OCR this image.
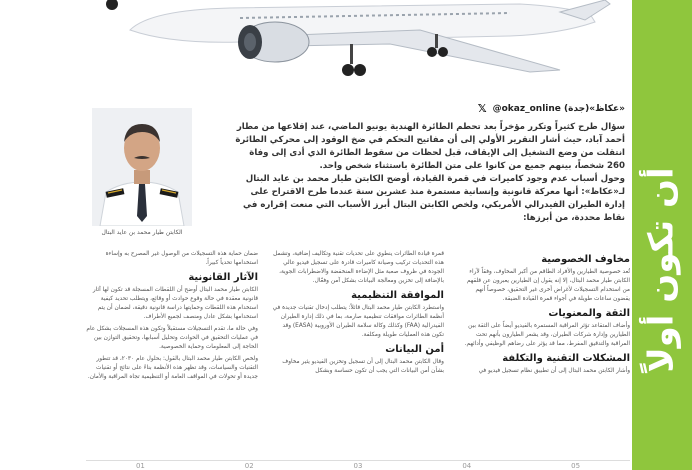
𝕏 @okaz_online (جدة)«عكاظ»

سؤال طرح كثيراً وتكرر مؤخراً بعد تحطم الطائرة الهندية يونيو الماضي، عند إقلاعها من مطار أحمد آباد، حيث أشار التقرير الأولي إلى أن مفاتيح التحكم في ضخ الوقود إلى محركي الطائرة انتقلت من وضع التشغيل إلى الإيقاف، قبل لحظات من سقوط الطائرة الذي أدى إلى وفاة 260 شخصاً، بينهم جميع من كانوا على متن الطائرة باستثناء شخص واحد.

وحول أسباب عدم وجود كاميرات في قمرة القيادة، أوضح الكابتن طيار محمد بن عايد البتال لـ«عكاظ»: أنها معركة قانونية وإنسانية مستمرة منذ عشرين سنة عندما طرح الاقتراح على إدارة الطيران الفيدرالي الأمريكي، ولخص الكابتن البتال أبرز الأسباب التي منعت إقراره في نقاط محددة، من أبرزها:

الكابتن طيار محمد بن عايد البتال
مخاوف الخصوصية

تُعد خصوصية الطيارين والأفراد الطاقم من أكبر المخاوف، وفقاً لآراء الكابتن طيار محمد البتال، إلا إنه يقول إن الطيارين يعبرون عن قلقهم من استخدام التسجيلات لأغراض أخرى غير التحقيق، خصوصاً أنهم يقضون ساعات طويلة في أجواء قمرة القيادة الضيقة.

الثقة والمعنويات

وأضاف المتقاعد تؤثر المراقبة المستمرة بالفيديو أيضاً على الثقة بين الطيارين وإدارة شركات الطيران، وقد يشعر الطيارون بأنهم تحت المراقبة والتدقيق المفرط، مما قد يؤثر على رضاهم الوظيفي وأدائهم.

المشكلات التقنية والتكلفة

وأشار الكابتن محمد البتال إلى أن تطبيق نظام تسجيل فيديو في

قمرة قيادة الطائرات ينطوي على تحديات تقنية وتكاليف إضافية، وتشمل هذه التحديات تركيب وصيانة كاميرات قادرة على تسجيل فيديو عالي الجودة في ظروف صعبة مثل الإضاءة المنخفضة والاضطرابات الجوية، بالإضافة إلى تخزين ومعالجة البيانات بشكل آمن وفعّال.

الموافقة التنظيمية

واستطرد الكابتن طيار محمد البتال قائلاً: يتطلب إدخال تقنيات جديدة في أنظمة الطائرات موافقات تنظيمية صارمة، بما في ذلك إدارة الطيران الفيدرالية (FAA) وكذلك وكالة سلامة الطيران الأوروبية (EASA) وقد تكون هذه العمليات طويلة ومكلفة.

أمن البيانات

وقال الكابتن محمد البتال إلى أن تسجيل وتخزين الفيديو يثير مخاوف بشأن أمن البيانات التي يجب أن تكون حساسة وبشكل

ضمان حماية هذه التسجيلات من الوصول غير المصرح به وإساءة استخدامها تحدياً كبيراً.

الآثار القانونية

الكابتن طيار محمد البتال أوضح أن اللقطات المسجلة قد تكون لها آثار قانونية معقدة في حالة وقوع حوادث أو وقائع، ويتطلب تحديد كيفية استخدام هذه اللقطات وحمايتها دراسة قانونية دقيقة، لضمان أن يتم استخدامها بشكل عادل ومنصف لجميع الأطراف.

وفي حالة ما، تقدم التسجيلات مستقبلاً وتكون هذه المسجلات بشكل عام في عمليات التحقيق في الحوادث وتحليل أسبابها، وتحقيق التوازن بين الحاجة إلى المعلومات وحماية الخصوصية.

ولخص الكابتن طيار محمد البتال بالقول: بحلول عام ٢٠٣٠، قد تتطور التقنيات والسياسات، وقد تظهر هذه الأنظمة بناءً على نتائج أو تقنيات جديدة أو تحولات في المواقف العامة أو التنظيمية تجاه المراقبة والأمان.

01	02	03	04	05
أن تكون أولاً
